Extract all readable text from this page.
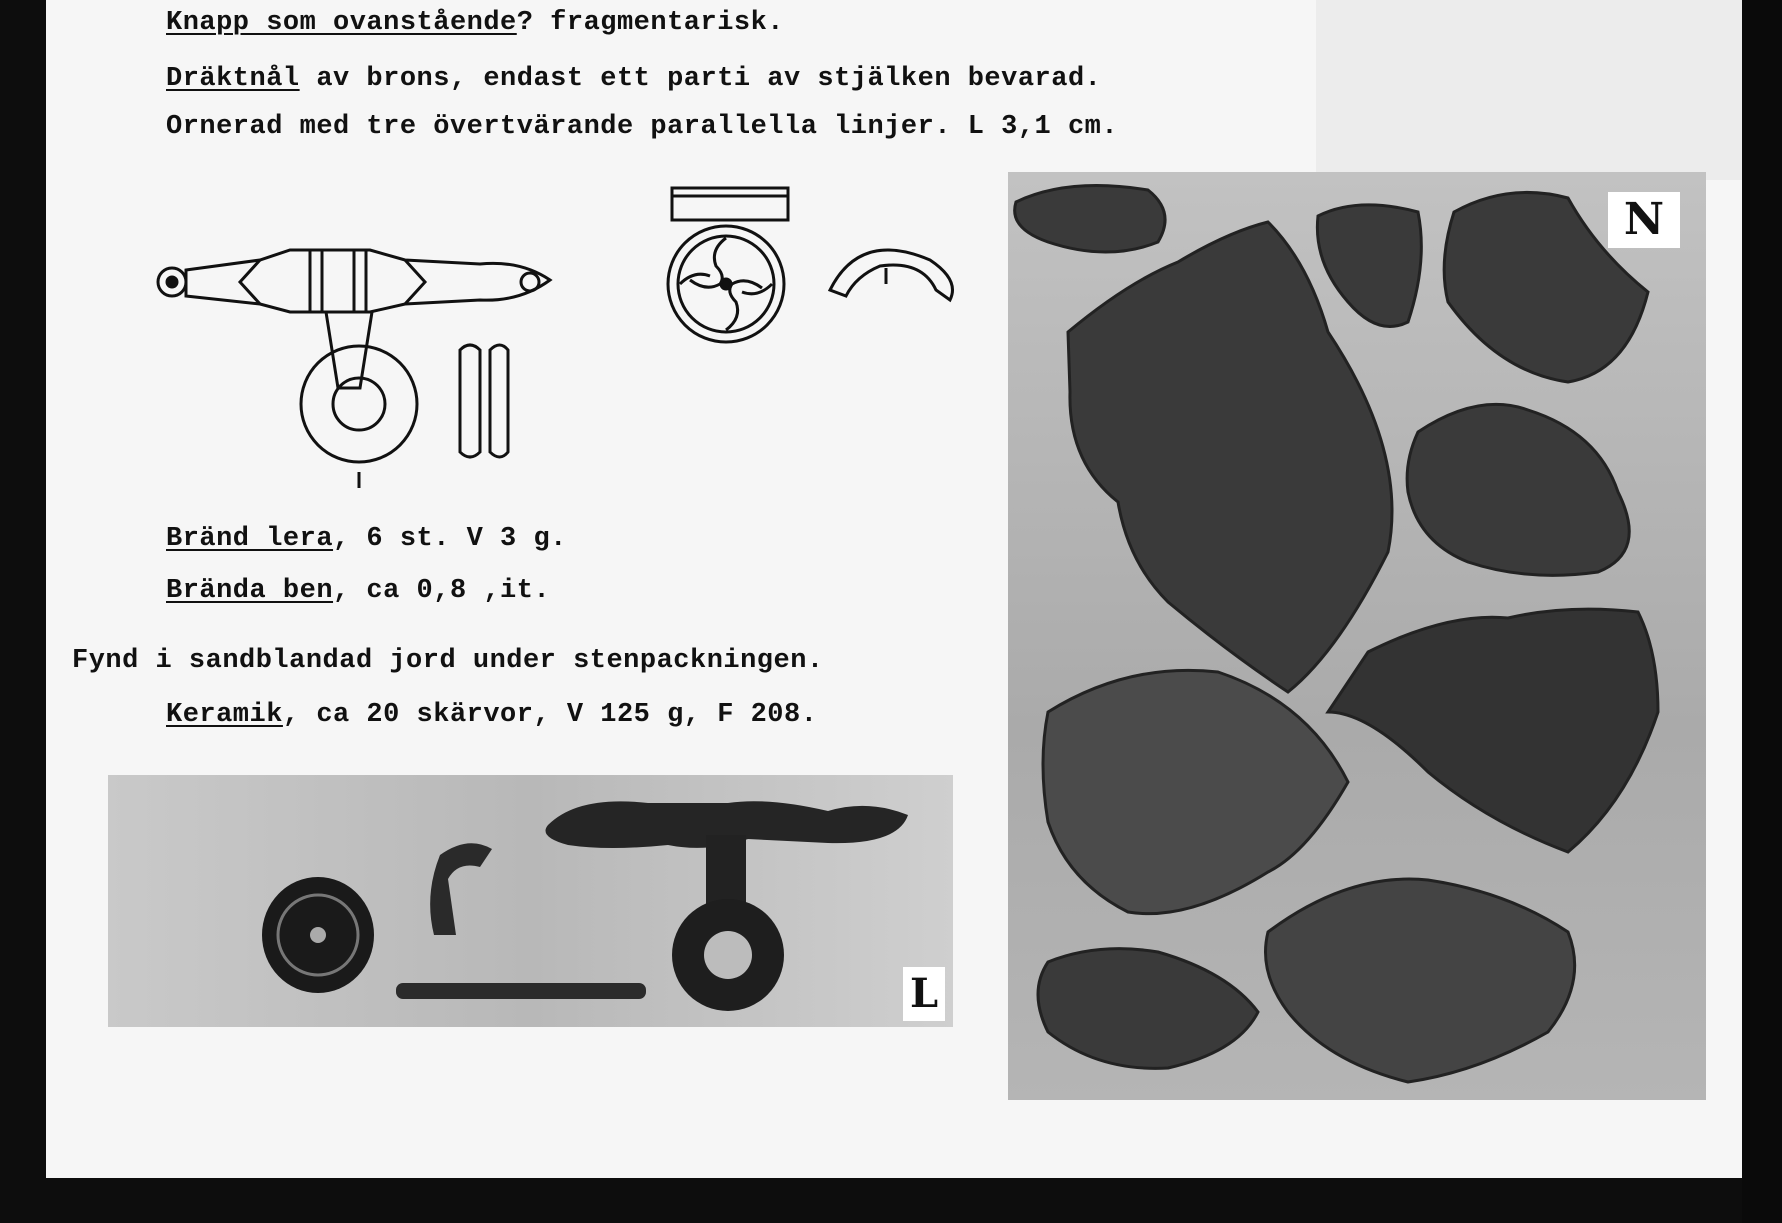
Knapp som ovanstående? fragmentarisk.
Dräktnål av brons, endast ett parti av stjälken bevarad.
Ornerad med tre övertvärande parallella linjer. L 3,1 cm.
Bränd lera, 6 st. V 3 g.
Brända ben, ca 0,8 ,it.
Fynd i sandblandad jord under stenpackningen.
Keramik, ca 20 skärvor, V 125 g, F 208.
L
N
